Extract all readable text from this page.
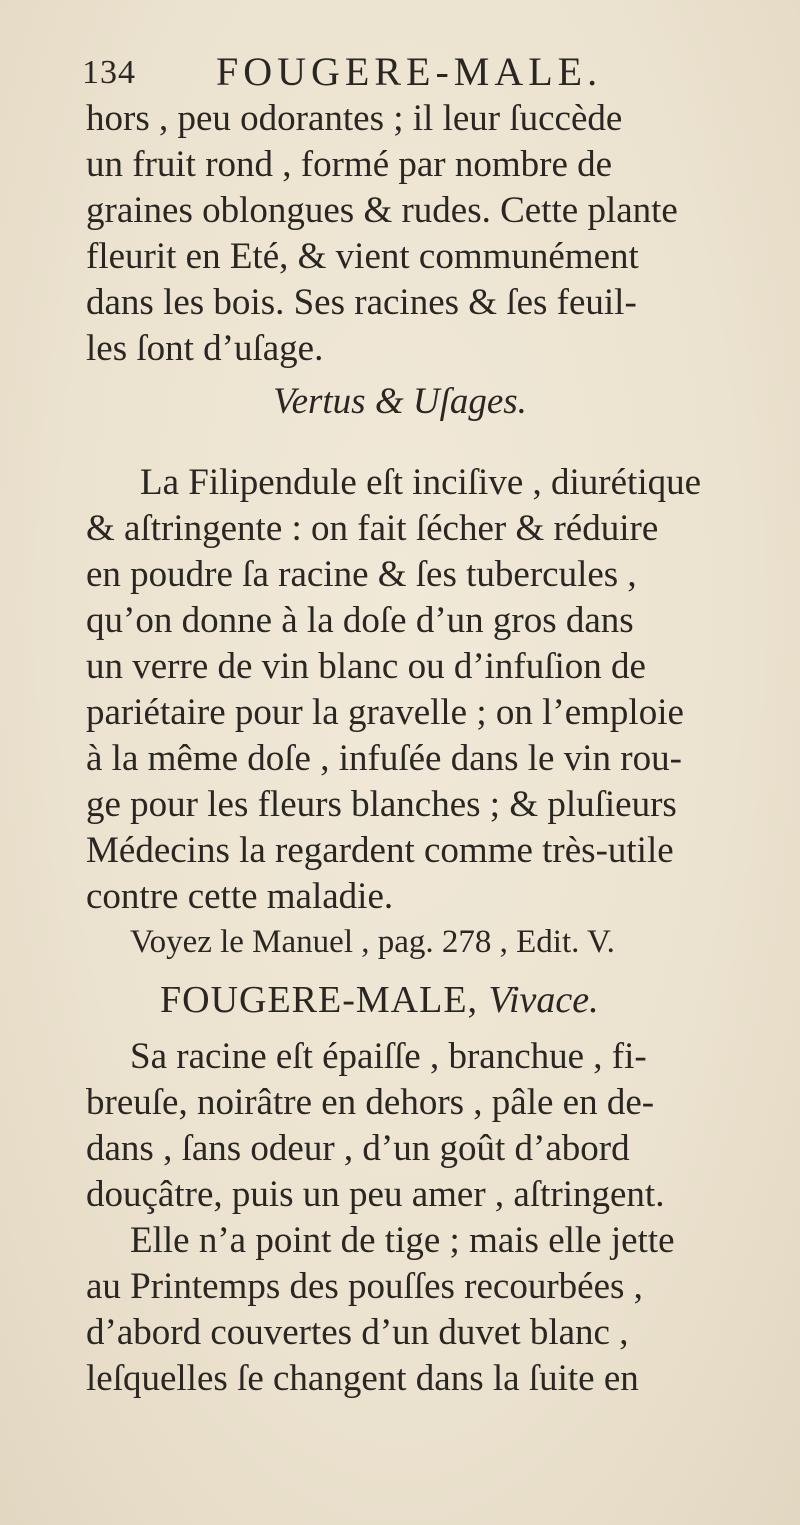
134 FOUGERE-MALE.
hors , peu odorantes ; il leur ſuccède
un fruit rond , formé par nombre de
graines oblongues & rudes. Cette plante
fleurit en Eté, & vient communément
dans les bois. Ses racines & ſes feuil-
les ſont d’uſage.
Vertus & Uſages.
La Filipendule eſt inciſive , diurétique
& aſtringente : on fait ſécher & réduire
en poudre ſa racine & ſes tubercules ,
qu’on donne à la doſe d’un gros dans
un verre de vin blanc ou d’infuſion de
pariétaire pour la gravelle ; on l’emploie
à la même doſe , infuſée dans le vin rou-
ge pour les fleurs blanches ; & pluſieurs
Médecins la regardent comme très-utile
contre cette maladie.
Voyez le Manuel , pag. 278 , Edit. V.
FOUGERE-MALE, Vivace.
Sa racine eſt épaiſſe , branchue , fi-
breuſe, noirâtre en dehors , pâle en de-
dans , ſans odeur , d’un goût d’abord
douçâtre, puis un peu amer , aſtringent.
Elle n’a point de tige ; mais elle jette
au Printemps des pouſſes recourbées ,
d’abord couvertes d’un duvet blanc ,
leſquelles ſe changent dans la ſuite en
